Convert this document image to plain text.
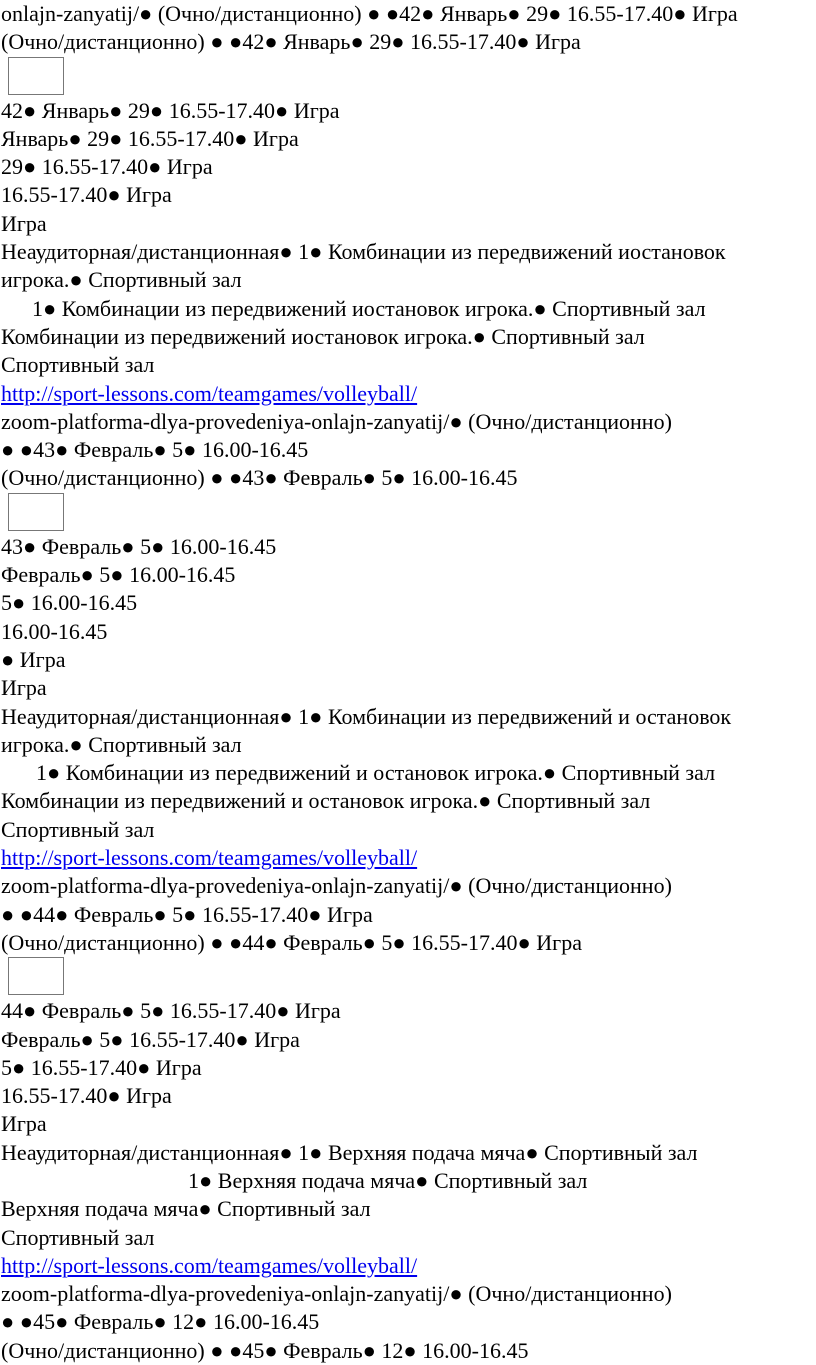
onlajn-zanyatij/● (Очно/дистанционно) ● ●42● Январь● 29● 16.55-17.40● Игра
(Очно/дистанционно) ● ●42● Январь● 29● 16.55-17.40● Игра
42● Январь● 29● 16.55-17.40● Игра
Январь● 29● 16.55-17.40● Игра
29● 16.55-17.40● Игра
16.55-17.40● Игра
Игра
Неаудиторная/дистанционная● 1● Комбинации из передвижений иостановок
игрока.● Спортивный зал
1● Комбинации из передвижений иостановок игрока.● Спортивный зал
Комбинации из передвижений иостановок игрока.● Спортивный зал
Спортивный зал
http://sport-lessons.com/teamgames/volleyball/
zoom-platforma-dlya-provedeniya-onlajn-zanyatij/● (Очно/дистанционно)
● ●43● Февраль● 5● 16.00-16.45
(Очно/дистанционно) ● ●43● Февраль● 5● 16.00-16.45
43● Февраль● 5● 16.00-16.45
Февраль● 5● 16.00-16.45
5● 16.00-16.45
16.00-16.45
● Игра
Игра
Неаудиторная/дистанционная● 1● Комбинации из передвижений и остановок
игрока.● Спортивный зал
1● Комбинации из передвижений и остановок игрока.● Спортивный зал
Комбинации из передвижений и остановок игрока.● Спортивный зал
Спортивный зал
http://sport-lessons.com/teamgames/volleyball/
zoom-platforma-dlya-provedeniya-onlajn-zanyatij/● (Очно/дистанционно)
● ●44● Февраль● 5● 16.55-17.40● Игра
(Очно/дистанционно) ● ●44● Февраль● 5● 16.55-17.40● Игра
44● Февраль● 5● 16.55-17.40● Игра
Февраль● 5● 16.55-17.40● Игра
5● 16.55-17.40● Игра
16.55-17.40● Игра
Игра
Неаудиторная/дистанционная● 1● Верхняя подача мяча● Спортивный зал
1● Верхняя подача мяча● Спортивный зал
Верхняя подача мяча● Спортивный зал
Спортивный зал
http://sport-lessons.com/teamgames/volleyball/
zoom-platforma-dlya-provedeniya-onlajn-zanyatij/● (Очно/дистанционно)
● ●45● Февраль● 12● 16.00-16.45
(Очно/дистанционно) ● ●45● Февраль● 12● 16.00-16.45
